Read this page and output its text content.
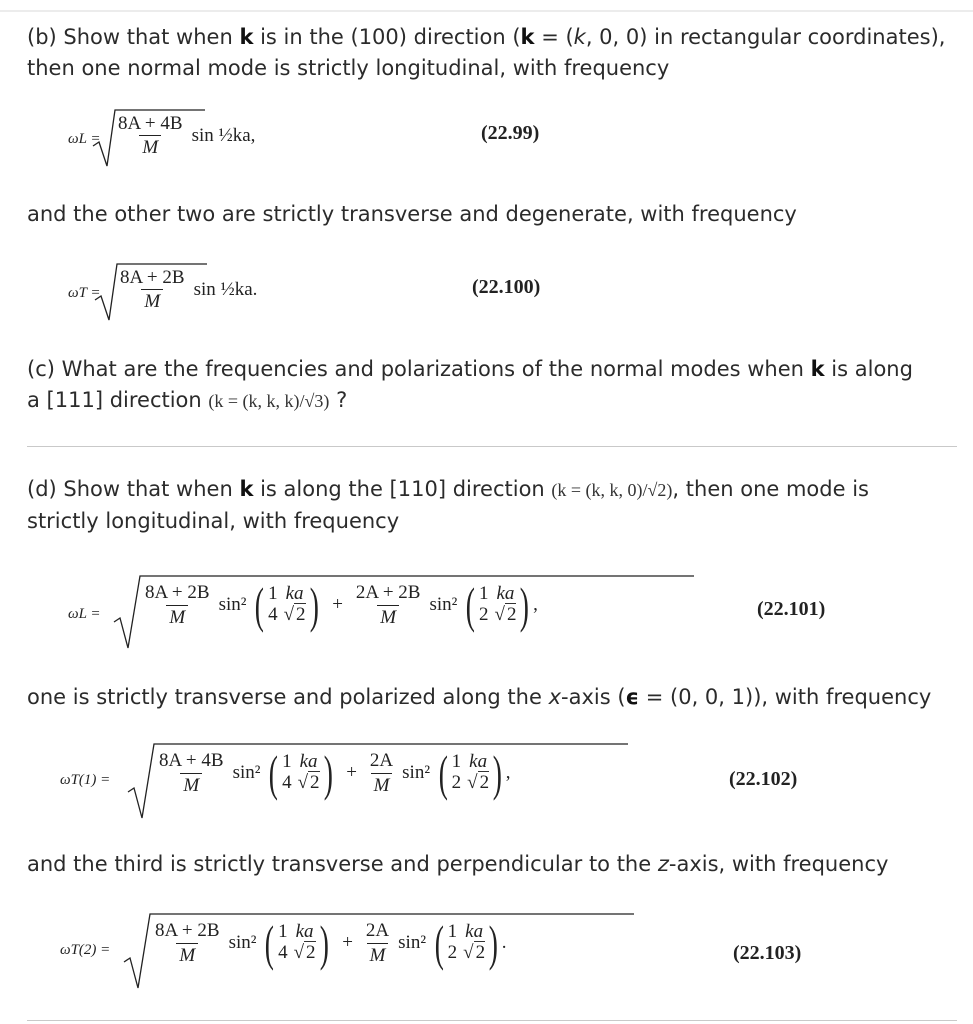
(b) Show that when k is in the (100) direction (k = (k, 0, 0) in rectangular coordinates),
then one normal mode is strictly longitudinal, with frequency
$\omega L = \frac{8A + 4B}{M}$ sin ½ka,	(22.99)
and the other two are strictly transverse and degenerate, with frequency
$\omega T = \frac{8A + 2B}{M}$ sin ½ka.	(22.100)
(c) What are the frequencies and polarizations of the normal modes when k is along
a [111] direction (k = (k, k, k)/√3) ?
(d) Show that when k is along the [110] direction (k = (k, k, 0)/√2), then one mode is
strictly longitudinal, with frequency
$\omega L = \frac{8A + 2B}{M} \sin^2$ ( 1 ka
4 √ 2 ) + $\frac{2A + 2B}{M} \sin^2$ ( 1 ka
2 √ 2 ) ,	(22.101)
one is strictly transverse and polarized along the x-axis (ϵ = (0, 0, 1)), with frequency
$\omega T(1) = \frac{8A + 4B}{M} \sin^2$ ( 1 ka
4 √ 2 ) + $\frac{2A}{M} \sin^2$ ( 1 ka
2 √ 2 ) ,	(22.102)
and the third is strictly transverse and perpendicular to the z-axis, with frequency
$\omega T(2) = \frac{8A + 2B}{M} \sin^2$ ( 1 ka
4 √ 2 ) + $\frac{2A}{M} \sin^2$ ( 1 ka
2 √ 2 ) .	(22.103)
